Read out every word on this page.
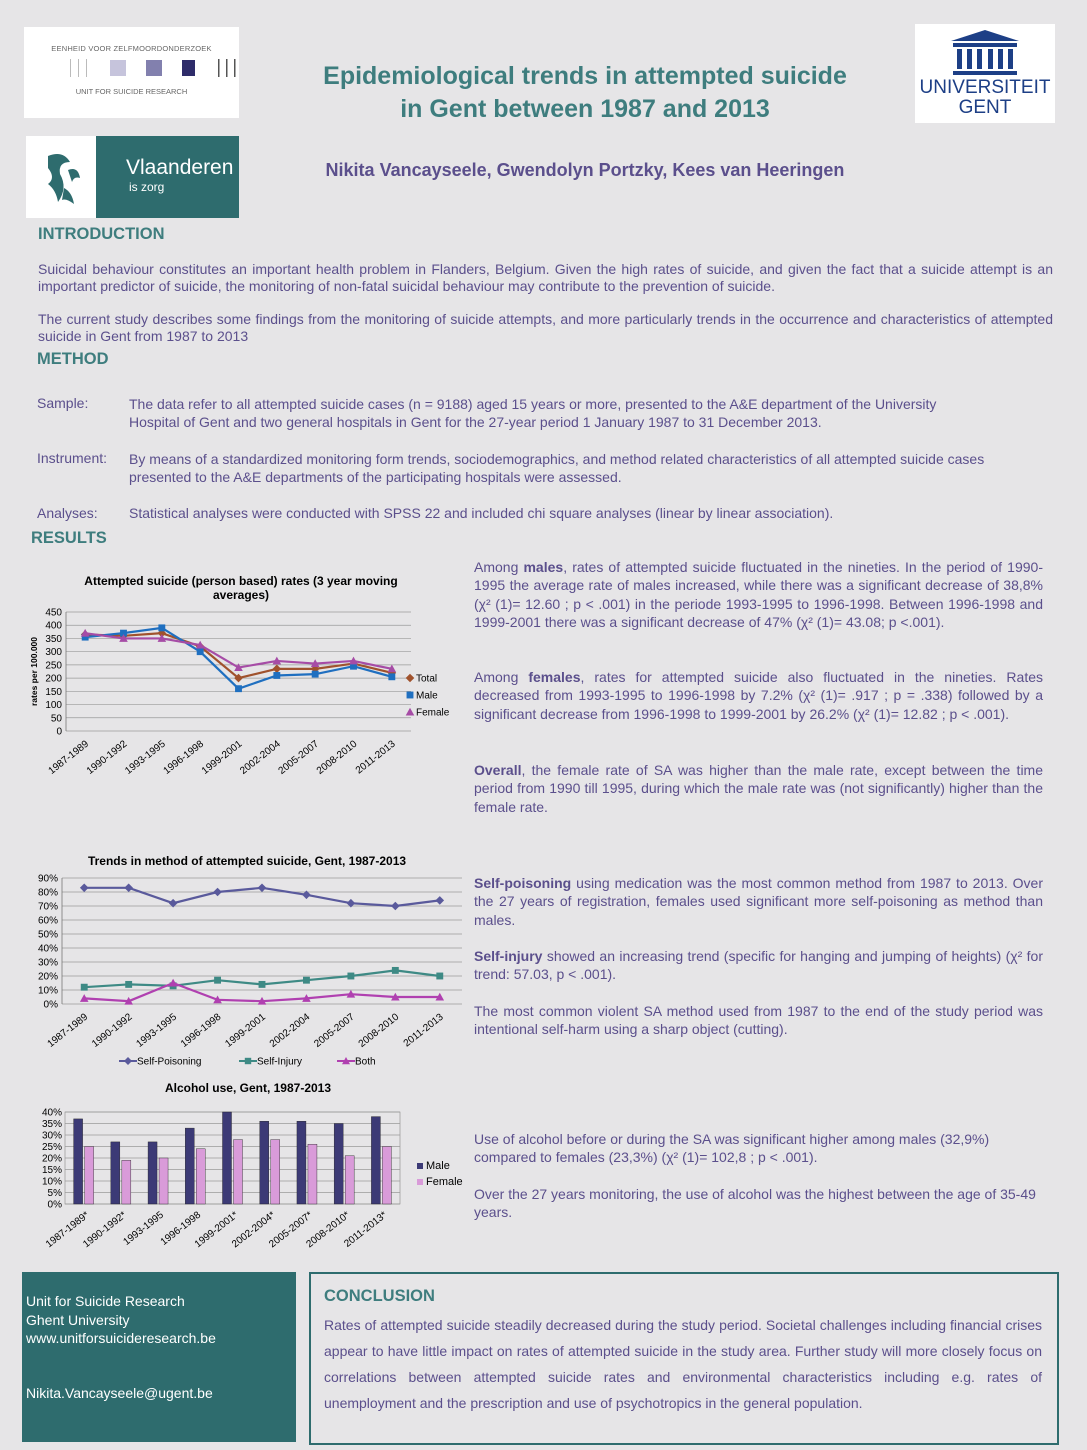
EENHEID VOOR ZELFMOORDONDERZOEK
UNIT FOR SUICIDE RESEARCH
Vlaanderen
is zorg
UNIVERSITEIT
GENT
Epidemiological trends in attempted suicide
in Gent between 1987 and 2013
Nikita Vancayseele, Gwendolyn Portzky, Kees van Heeringen
INTRODUCTION
Suicidal behaviour constitutes an important health problem in Flanders, Belgium. Given the high rates of suicide, and given the fact that a suicide attempt is an important predictor of suicide, the monitoring of non-fatal suicidal behaviour may contribute to the prevention of suicide.
The current study describes some findings from the monitoring of suicide attempts, and more particularly trends in the occurrence and characteristics of attempted suicide in Gent from 1987 to 2013
METHOD
Sample:	The data refer to all attempted suicide cases (n = 9188) aged 15 years or more, presented to the A&E department of the University Hospital of Gent and two general hospitals in Gent for the 27-year period 1 January 1987 to 31 December 2013.
Instrument:	By means of a standardized monitoring form trends, sociodemographics, and method related characteristics of all attempted suicide cases presented to the A&E departments of the participating hospitals were assessed.
Analyses:	Statistical analyses were conducted with SPSS 22 and included chi square analyses (linear by linear association).
RESULTS
Attempted suicide (person based) rates (3 year moving
averages)
0
50
100
150
200
250
300
350
400
450
1987-1989
1990-1992
1993-1995
1996-1998
1999-2001
2002-2004
2005-2007
2008-2010
2011-2013
rates per 100.000	Total
Male
Female
Trends in method of attempted suicide, Gent, 1987-2013
0%
10%
20%
30%
40%
50%
60%
70%
80%
90%
1987-1989 1990-1992 1993-1995 1996-1998 1999-2001 2002-2004 2005-2007 2008-2010 2011-2013
Self-Poisoning	Self-Injury	Both
Alcohol use, Gent, 1987-2013
0%
5%
10%
15%
20%
25%
30%
35%
40%
1987-1989*
1990-1992*
1993-1995
1996-1998
1999-2001*
2002-2004*
2005-2007*
2008-2010*
2011-2013*
Male
Female
Among males, rates of attempted suicide fluctuated in the nineties. In the period of 1990-1995 the average rate of males increased, while there was a significant decrease of 38,8% (χ² (1)= 12.60 ; p < .001) in the periode 1993-1995 to 1996-1998. Between 1996-1998 and 1999-2001 there was a significant decrease of 47% (χ² (1)= 43.08; p <.001).
Among females, rates for attempted suicide also fluctuated in the nineties. Rates decreased from 1993-1995 to 1996-1998 by 7.2% (χ² (1)= .917 ; p = .338) followed by a significant decrease from 1996-1998 to 1999-2001 by 26.2% (χ² (1)= 12.82 ; p < .001).
Overall, the female rate of SA was higher than the male rate, except between the time period from 1990 till 1995, during which the male rate was (not significantly) higher than the female rate.
Self-poisoning using medication was the most common method from 1987 to 2013. Over the 27 years of registration, females used significant more self-poisoning as method than males.
Self-injury showed an increasing trend (specific for hanging and jumping of heights) (χ² for trend: 57.03, p < .001).
The most common violent SA method used from 1987 to the end of the study period was intentional self-harm using a sharp object (cutting).
Use of alcohol before or during the SA was significant higher among males (32,9%) compared to females (23,3%) (χ² (1)= 102,8 ; p < .001).
Over the 27 years monitoring, the use of alcohol was the highest between the age of 35-49 years.
Unit for Suicide Research
Ghent University
www.unitforsuicideresearch.be
Nikita.Vancayseele@ugent.be
CONCLUSION
Rates of attempted suicide steadily decreased during the study period. Societal challenges including financial crises appear to have little impact on rates of attempted suicide in the study area. Further study will more closely focus on correlations between attempted suicide rates and environmental characteristics including e.g. rates of unemployment and the prescription and use of psychotropics in the general population.
